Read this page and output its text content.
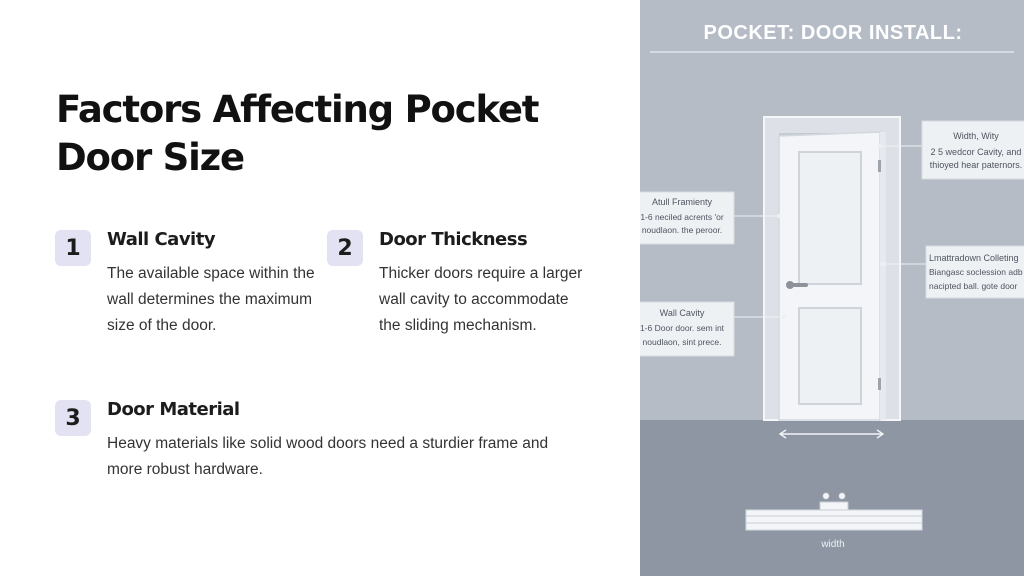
Factors Affecting Pocket Door Size
1	Wall Cavity

The available space within the wall determines the maximum size of the door.

2	Door Thickness

Thicker doors require a larger wall cavity to accommodate the sliding mechanism.

3	Door Material

Heavy materials like solid wood doors need a sturdier frame and more robust hardware.

POCKET: DOOR INSTALL:
Width, Wity
2 5 wedcor Cavity, and
thioyed hear paternors.
Atull Framienty
1-6 neciled acrents 'or
noudlaon. the peroor.
Lmattradown Colleting
Biangasc soclession adb
nacipted ball. gote door
Wall Cavity
1-6 Door door. sem int
noudlaon, sint prece.
width
